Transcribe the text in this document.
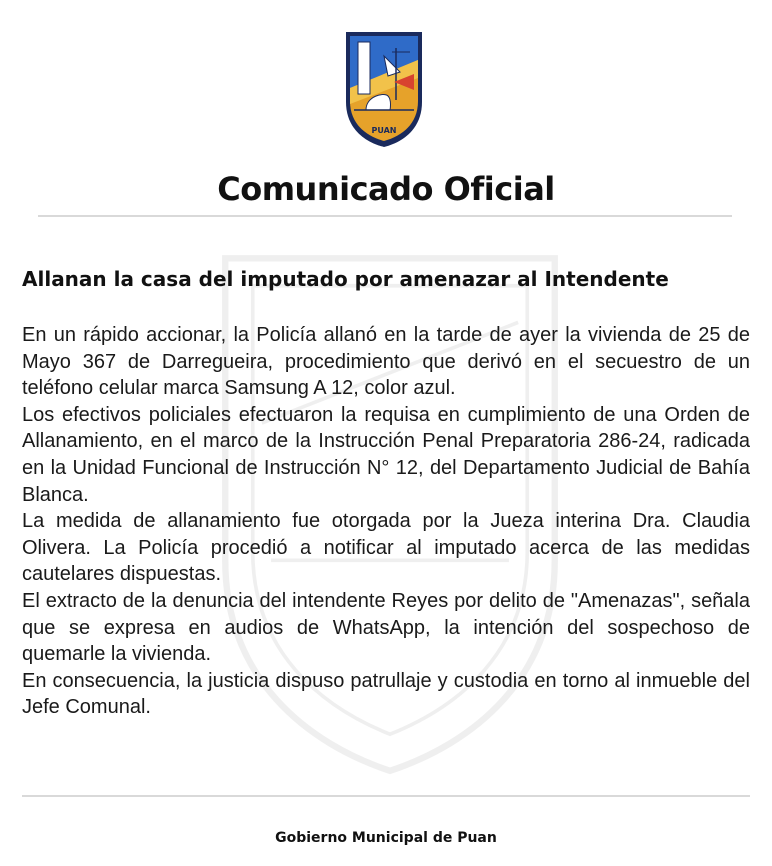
PUAN
Comunicado Oficial
Allanan la casa del imputado por amenazar al Intendente

En un rápido accionar, la Policía allanó en la tarde de ayer la vivienda de 25 de Mayo 367 de Darregueira, procedimiento que derivó en el secuestro de un teléfono celular marca Samsung A 12, color azul.

Los efectivos policiales efectuaron la requisa en cumplimiento de una Orden de Allanamiento, en el marco de la Instrucción Penal Preparatoria 286-24, radicada en la Unidad Funcional de Instrucción N° 12, del Departamento Judicial de Bahía Blanca.

La medida de allanamiento fue otorgada por la Jueza interina Dra. Claudia Olivera. La Policía procedió a notificar al imputado acerca de las medidas cautelares dispuestas.

El extracto de la denuncia del intendente Reyes por delito de "Amenazas", señala que se expresa en audios de WhatsApp, la intención del sospechoso de quemarle la vivienda.

En consecuencia, la justicia dispuso patrullaje y custodia en torno al inmueble del Jefe Comunal.

Gobierno Municipal de Puan
